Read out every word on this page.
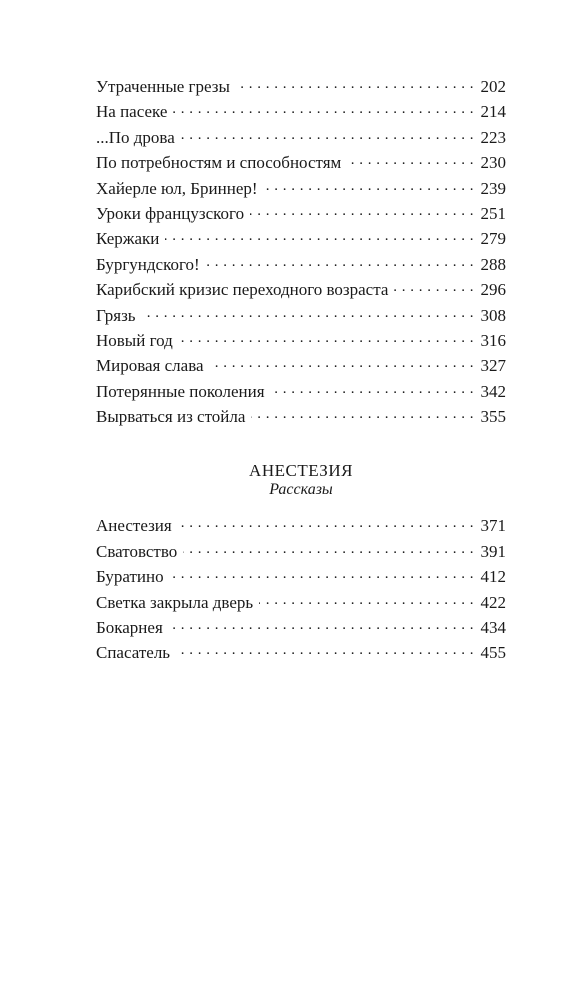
Утраченные грезы . . .	202
На пасеке . . .	214
...По дрова . . .	223
По потребностям и способностям . . .	230
Хайерле юл, Бриннер! . . .	239
Уроки французского . . .	251
Кержаки . . .	279
Бургундского! . . .	288
Карибский кризис переходного возраста . . .	296
Грязь . . .	308
Новый год . . .	316
Мировая слава . . .	327
Потерянные поколения . . .	342
Вырваться из стойла . . .	355
АНЕСТЕЗИЯ
Рассказы
Анестезия . . .	371
Сватовство . . .	391
Буратино . . .	412
Светка закрыла дверь . . .	422
Бокарнея . . .	434
Спасатель . . .	455
